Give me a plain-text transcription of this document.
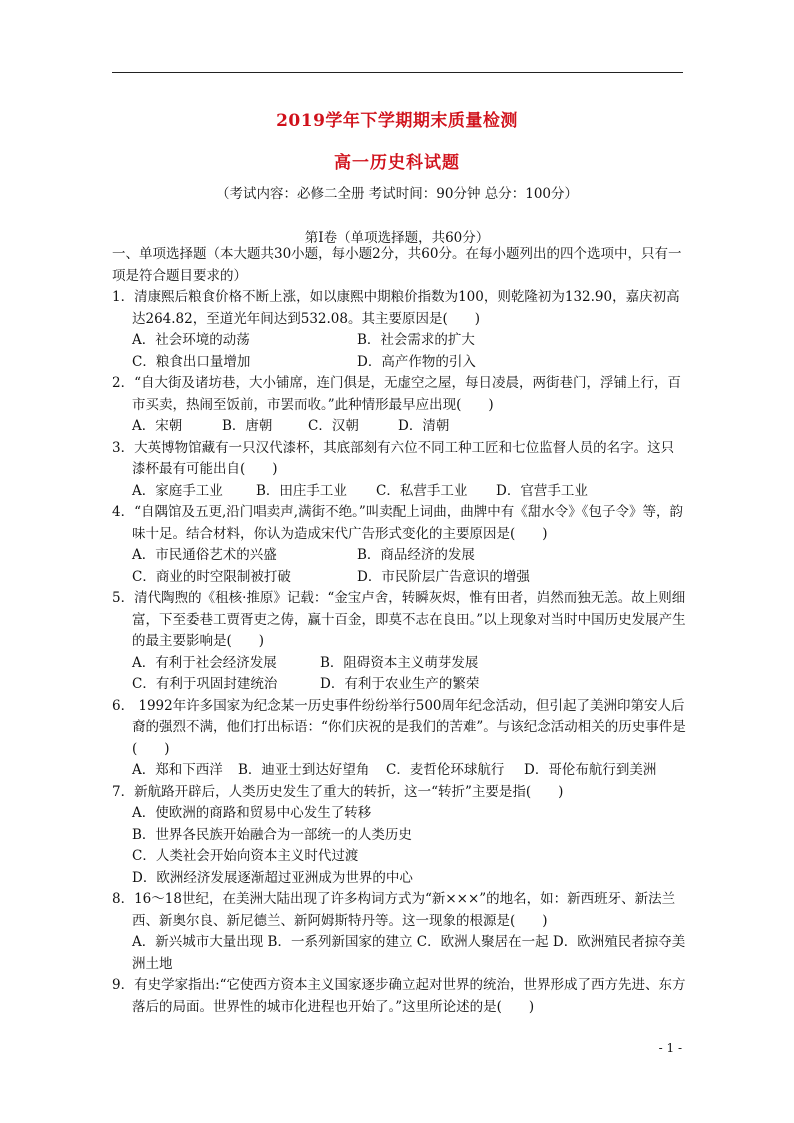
2019学年下学期期末质量检测
高一历史科试题
（考试内容：必修二全册 考试时间：90分钟 总分：100分）
第I卷（单项选择题，共60分）
一、单项选择题（本大题共30小题，每小题2分，共60分。在每小题列出的四个选项中，只有一项是符合题目要求的）
1．清康熙后粮食价格不断上涨，如以康熙中期粮价指数为100，则乾隆初为132.90，嘉庆初高达264.82，至道光年间达到532.08。其主要原因是(　　)
A．社会环境的动荡	B．社会需求的扩大
C．粮食出口量增加	D．高产作物的引入
2．“自大街及诸坊巷，大小铺席，连门俱是，无虚空之屋，每日凌晨，两街巷门，浮铺上行，百市买卖，热闹至饭前，市罢而收。”此种情形最早应出现(　　)
A．宋朝	B．唐朝	C．汉朝	D．清朝
3．大英博物馆藏有一只汉代漆杯，其底部刻有六位不同工种工匠和七位监督人员的名字。这只漆杯最有可能出自(　　)
A．家庭手工业	B．田庄手工业	C．私营手工业	D．官营手工业
4．“自隅馆及五更,沿门唱卖声,满街不绝。”叫卖配上词曲，曲牌中有《甜水令》《包子令》等，韵味十足。结合材料，你认为造成宋代广告形式变化的主要原因是(　　)
A．市民通俗艺术的兴盛	B．商品经济的发展
C．商业的时空限制被打破	D．市民阶层广告意识的增强
5．清代陶煦的《租核·推原》记载：“金宝卢舍，转瞬灰烬，惟有田者，岿然而独无恙。故上则细富，下至委巷工贾胥吏之俦，赢十百金，即莫不志在良田。”以上现象对当时中国历史发展产生的最主要影响是(　　)
A．有利于社会经济发展	B．阻碍资本主义萌芽发展
C．有利于巩固封建统治	D．有利于农业生产的繁荣
6． 1992年许多国家为纪念某一历史事件纷纷举行500周年纪念活动，但引起了美洲印第安人后裔的强烈不满，他们打出标语：“你们庆祝的是我们的苦难”。与该纪念活动相关的历史事件是(　　)
A．郑和下西洋	B．迪亚士到达好望角	C．麦哲伦环球航行	D．哥伦布航行到美洲
7．新航路开辟后，人类历史发生了重大的转折，这一“转折”主要是指(　　)
A．使欧洲的商路和贸易中心发生了转移
B．世界各民族开始融合为一部统一的人类历史
C．人类社会开始向资本主义时代过渡
D．欧洲经济发展逐渐超过亚洲成为世界的中心
8．16～18世纪，在美洲大陆出现了许多构词方式为“新×××”的地名，如：新西班牙、新法兰西、新奥尔良、新尼德兰、新阿姆斯特丹等。这一现象的根源是(　　)
A．新兴城市大量出现 B．一系列新国家的建立 C．欧洲人聚居在一起 D．欧洲殖民者掠夺美洲土地
9．有史学家指出:“它使西方资本主义国家逐步确立起对世界的统治，世界形成了西方先进、东方落后的局面。世界性的城市化进程也开始了。”这里所论述的是(　　)
- 1 -
